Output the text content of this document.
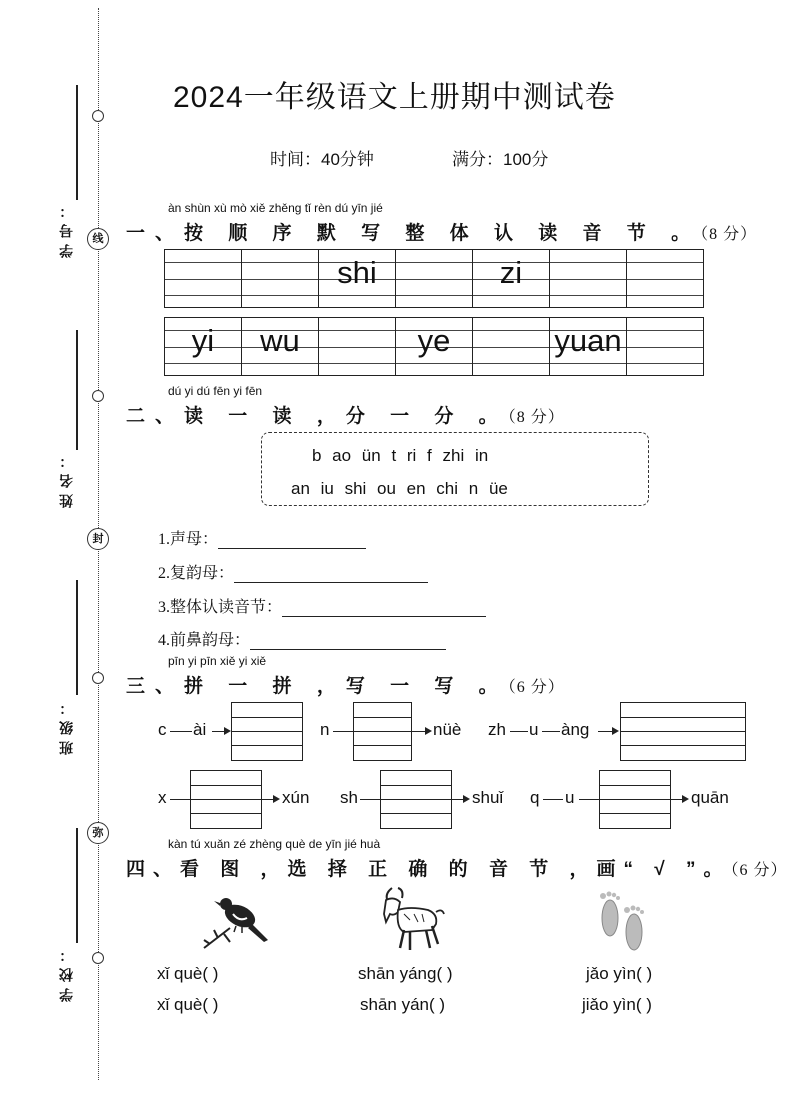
线
封
弥
学号：
姓名：
班级：
学校：
2024一年级语文上册期中测试卷
时间：40分钟	满分：100分
àn shùn xù mò xiě zhěng tǐ rèn dú yīn jié
一、按 顺 序 默 写 整 体 认 读 音 节 。（8 分）
shi	zi
yi	wu	ye	yuan
dú yi dú fēn yi fēn
二、读 一 读 ，分 一 分 。（8 分）
b ao ün t ri f zhi in
an iu shi ou en chi n üe
1.声母：
2.复韵母：
3.整体认读音节：
4.前鼻韵母：
pīn yi pīn xiě yi xiě
三、拼 一 拼 ，写 一 写 。（6 分）
c ài	n	nüè zh u àng
x	xún sh	shuǐ q u	quān
kàn tú xuǎn zé zhèng què de yīn jié huà
四、看 图 ，选 择 正 确 的 音 节 ，画“ √ ”。（6 分）
xǐ què( )
xǐ què( )
shān yáng( )
shān yán( )
jǎo yìn( )
jiǎo yìn( )
